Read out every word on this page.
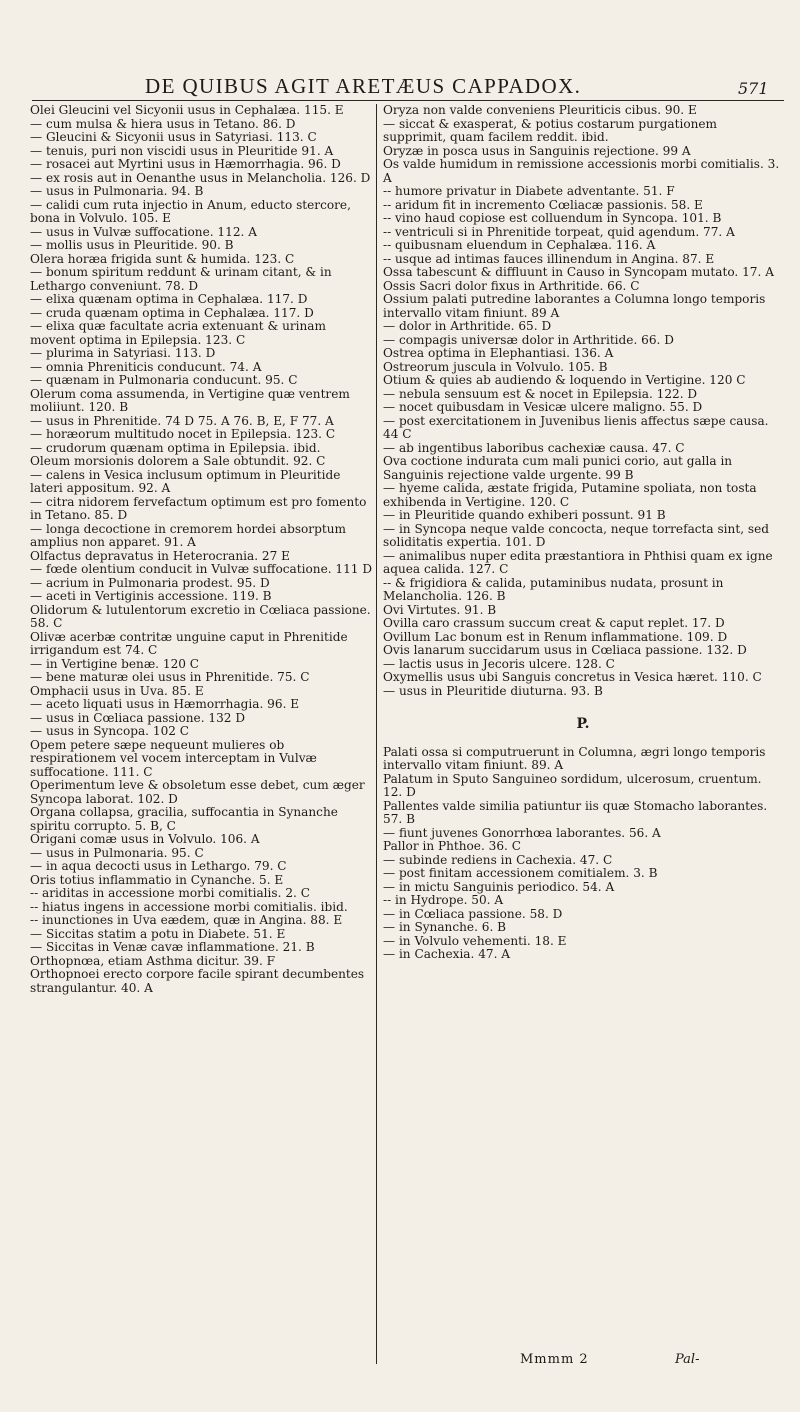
DE QUIBUS AGIT ARETÆUS CAPPADOX.	571

Olei Gleucini vel Sicyonii usus in Cephalæa. 115. E

— cum mulsa & hiera usus in Tetano. 86. D

— Gleucini & Sicyonii usus in Satyriasi. 113. C

— tenuis, puri non viscidi usus in Pleuritide 91. A

— rosacei aut Myrtini usus in Hæmorrhagia. 96. D

— ex rosis aut in Oenanthe usus in Melancholia. 126. D

— usus in Pulmonaria. 94. B

— calidi cum ruta injectio in Anum, educto stercore, bona in Volvulo. 105. E

— usus in Vulvæ suffocatione. 112. A

— mollis usus in Pleuritide. 90. B

Olera horæa frigida sunt & humida. 123. C

— bonum spiritum reddunt & urinam citant, & in Lethargo conveniunt. 78. D

— elixa quænam optima in Cephalæa. 117. D

— cruda quænam optima in Cephalæa. 117. D

— elixa quæ facultate acria extenuant & urinam movent optima in Epilepsia. 123. C

— plurima in Satyriasi. 113. D

— omnia Phreniticis conducunt. 74. A

— quænam in Pulmonaria conducunt. 95. C

Olerum coma assumenda, in Vertigine quæ ventrem moliiunt. 120. B

— usus in Phrenitide. 74 D 75. A 76. B, E, F 77. A

— horæorum multitudo nocet in Epilepsia. 123. C

— crudorum quænam optima in Epilepsia. ibid.

Oleum morsionis dolorem a Sale obtundit. 92. C

— calens in Vesica inclusum optimum in Pleuritide lateri appositum. 92. A

— citra nidorem fervefactum optimum est pro fomento in Tetano. 85. D

— longa decoctione in cremorem hordei absorptum amplius non apparet. 91. A

Olfactus depravatus in Heterocrania. 27 E

— fœde olentium conducit in Vulvæ suffocatione. 111 D

— acrium in Pulmonaria prodest. 95. D

— aceti in Vertiginis accessione. 119. B

Olidorum & lutulentorum excretio in Cœliaca passione. 58. C

Olivæ acerbæ contritæ unguine caput in Phrenitide irrigandum est 74. C

— in Vertigine benæ. 120 C

— bene maturæ olei usus in Phrenitide. 75. C

Omphacii usus in Uva. 85. E

— aceto liquati usus in Hæmorrhagia. 96. E

— usus in Cœliaca passione. 132 D

— usus in Syncopa. 102 C

Opem petere sæpe nequeunt mulieres ob respirationem vel vocem interceptam in Vulvæ suffocatione. 111. C

Operimentum leve & obsoletum esse debet, cum æger Syncopa laborat. 102. D

Organa collapsa, gracilia, suffocantia in Synanche spiritu corrupto. 5. B, C

Origani comæ usus in Volvulo. 106. A

— usus in Pulmonaria. 95. C

— in aqua decocti usus in Lethargo. 79. C

Oris totius inflammatio in Cynanche. 5. E

-- ariditas in accessione morbi comitialis. 2. C

-- hiatus ingens in accessione morbi comitialis. ibid.

-- inunctiones in Uva eædem, quæ in Angina. 88. E

— Siccitas statim a potu in Diabete. 51. E

— Siccitas in Venæ cavæ inflammatione. 21. B

Orthopnœa, etiam Asthma dicitur. 39. F

Orthopnoei erecto corpore facile spirant decumbentes strangulantur. 40. A

Oryza non valde conveniens Pleuriticis cibus. 90. E

— siccat & exasperat, & potius costarum purgationem supprimit, quam facilem reddit. ibid.

Oryzæ in posca usus in Sanguinis rejectione. 99 A

Os valde humidum in remissione accessionis morbi comitialis. 3. A

-- humore privatur in Diabete adventante. 51. F

-- aridum fit in incremento Cœliacæ passionis. 58. E

-- vino haud copiose est colluendum in Syncopa. 101. B

-- ventriculi si in Phrenitide torpeat, quid agendum. 77. A

-- quibusnam eluendum in Cephalæa. 116. A

-- usque ad intimas fauces illinendum in Angina. 87. E

Ossa tabescunt & diffluunt in Causo in Syncopam mutato. 17. A

Ossis Sacri dolor fixus in Arthritide. 66. C

Ossium palati putredine laborantes a Columna longo temporis intervallo vitam finiunt. 89 A

— dolor in Arthritide. 65. D

— compagis universæ dolor in Arthritide. 66. D

Ostrea optima in Elephantiasi. 136. A

Ostreorum juscula in Volvulo. 105. B

Otium & quies ab audiendo & loquendo in Vertigine. 120 C

— nebula sensuum est & nocet in Epilepsia. 122. D

— nocet quibusdam in Vesicæ ulcere maligno. 55. D

— post exercitationem in Juvenibus lienis affectus sæpe causa. 44 C

— ab ingentibus laboribus cachexiæ causa. 47. C

Ova coctione indurata cum mali punici corio, aut galla in Sanguinis rejectione valde urgente. 99 B

— hyeme calida, æstate frigida, Putamine spoliata, non tosta exhibenda in Vertigine. 120. C

— in Pleuritide quando exhiberi possunt. 91 B

— in Syncopa neque valde concocta, neque torrefacta sint, sed soliditatis expertia. 101. D

— animalibus nuper edita præstantiora in Phthisi quam ex igne aquea calida. 127. C

-- & frigidiora & calida, putaminibus nudata, prosunt in Melancholia. 126. B

Ovi Virtutes. 91. B

Ovilla caro crassum succum creat & caput replet. 17. D

Ovillum Lac bonum est in Renum inflammatione. 109. D

Ovis lanarum succidarum usus in Cœliaca passione. 132. D

— lactis usus in Jecoris ulcere. 128. C

Oxymellis usus ubi Sanguis concretus in Vesica hæret. 110. C

— usus in Pleuritide diuturna. 93. B

P.

Palati ossa si computruerunt in Columna, ægri longo temporis intervallo vitam finiunt. 89. A

Palatum in Sputo Sanguineo sordidum, ulcerosum, cruentum. 12. D

Pallentes valde similia patiuntur iis quæ Stomacho laborantes. 57. B

— fiunt juvenes Gonorrhœa laborantes. 56. A

Pallor in Phthoe. 36. C

— subinde rediens in Cachexia. 47. C

— post finitam accessionem comitialem. 3. B

— in mictu Sanguinis periodico. 54. A

-- in Hydrope. 50. A

— in Cœliaca passione. 58. D

— in Synanche. 6. B

— in Volvulo vehementi. 18. E

— in Cachexia. 47. A

Mmmm 2	Pal-
